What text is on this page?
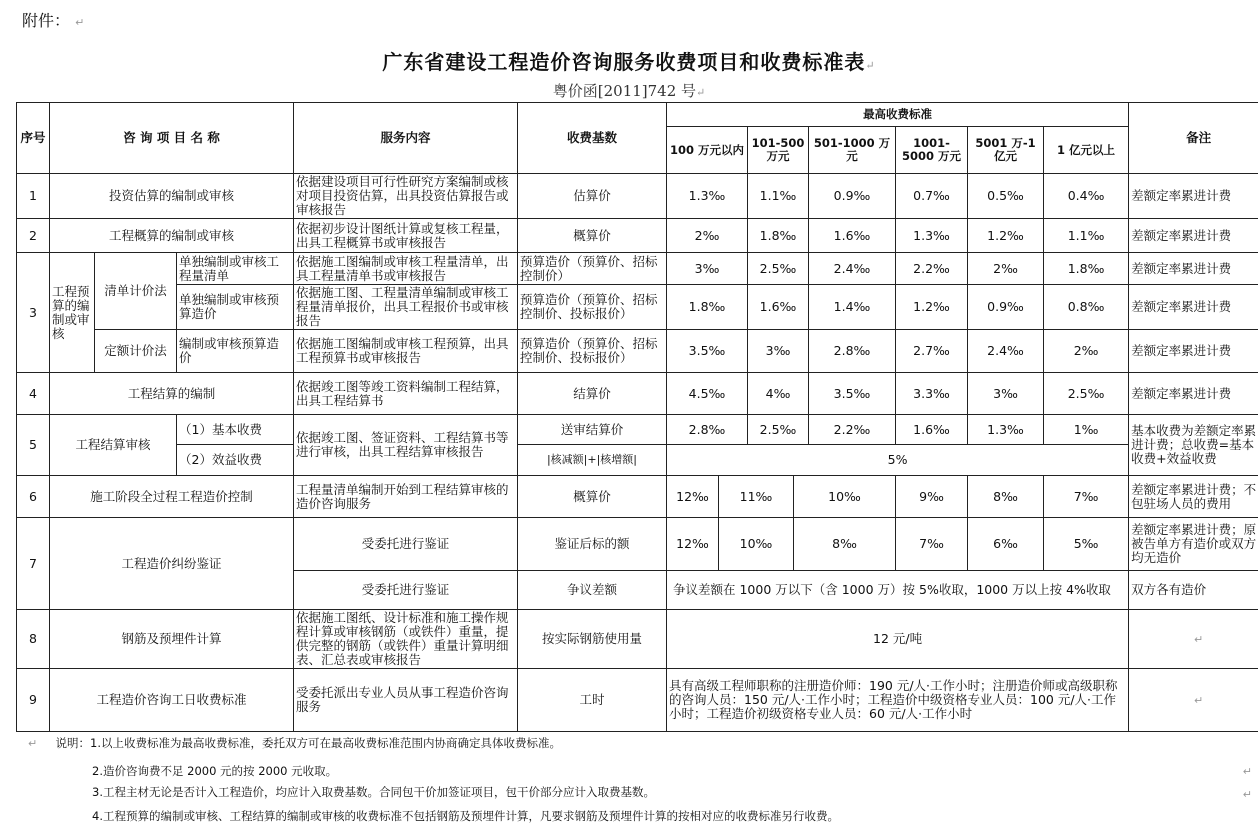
附件： ↵
广东省建设工程造价咨询服务收费项目和收费标准表↵
粤价函[2011]742 号↵
序号	咨 询 项 目 名 称			服务内容	收费基数	最高收费标准								备注
						100 万元以内		101-500 万元		501-1000 万元	1001-5000 万元	5001 万-1 亿元	1 亿元以上	
1	投资估算的编制或审核			依据建设项目可行性研究方案编制或核对项目投资估算，出具投资估算报告或审核报告	估算价	1.3‰		1.1‰		0.9‰	0.7‰	0.5‰	0.4‰	差额定率累进计费
2	工程概算的编制或审核			依据初步设计图纸计算或复核工程量，出具工程概算书或审核报告	概算价	2‰		1.8‰		1.6‰	1.3‰	1.2‰	1.1‰	差额定率累进计费
3	工程预算的编制或审核	清单计价法	单独编制或审核工程量清单	依据施工图编制或审核工程量清单，出具工程量清单书或审核报告	预算造价（预算价、招标控制价）	3‰		2.5‰		2.4‰	2.2‰	2‰	1.8‰	差额定率累进计费
			单独编制或审核预算造价	依据施工图、工程量清单编制或审核工程量清单报价，出具工程报价书或审核报告	预算造价（预算价、招标控制价、投标报价）	1.8‰		1.6‰		1.4‰	1.2‰	0.9‰	0.8‰	差额定率累进计费
		定额计价法	编制或审核预算造价	依据施工图编制或审核工程预算，出具工程预算书或审核报告	预算造价（预算价、招标控制价、投标报价）	3.5‰		3‰		2.8‰	2.7‰	2.4‰	2‰	差额定率累进计费
4	工程结算的编制			依据竣工图等竣工资料编制工程结算，出具工程结算书	结算价	4.5‰		4‰		3.5‰	3.3‰	3‰	2.5‰	差额定率累进计费
5	工程结算审核		（1）基本收费	依据竣工图、签证资料、工程结算书等进行审核，出具工程结算审核报告	送审结算价	2.8‰		2.5‰		2.2‰	1.6‰	1.3‰	1‰	基本收费为差额定率累进计费；总收费=基本收费+效益收费
			（2）效益收费		|核减额|+|核增额|	5%								
6	施工阶段全过程工程造价控制			工程量清单编制开始到工程结算审核的造价咨询服务	概算价	12‰	11‰		10‰		9‰	8‰	7‰	差额定率累进计费；不包驻场人员的费用
7	工程造价纠纷鉴证			受委托进行鉴证	鉴证后标的额	12‰	10‰		8‰		7‰	6‰	5‰	差额定率累进计费；原被告单方有造价或双方均无造价
				受委托进行鉴证	争议差额	争议差额在 1000 万以下（含 1000 万）按 5%收取，1000 万以上按 4%收取								双方各有造价
8	钢筋及预埋件计算			依据施工图纸、设计标准和施工操作规程计算或审核钢筋（或铁件）重量，提供完整的钢筋（或铁件）重量计算明细表、汇总表或审核报告	按实际钢筋使用量	12 元/吨								↵
9	工程造价咨询工日收费标准			受委托派出专业人员从事工程造价咨询服务	工时	具有高级工程师职称的注册造价师：190 元/人·工作小时；注册造价师或高级职称的咨询人员：150 元/人·工作小时；工程造价中级资格专业人员：100 元/人·工作小时；工程造价初级资格专业人员：60 元/人·工作小时								↵
↵ 说明：1.以上收费标准为最高收费标准，委托双方可在最高收费标准范围内协商确定具体收费标准。
2.造价咨询费不足 2000 元的按 2000 元收取。
3.工程主材无论是否计入工程造价，均应计入取费基数。合同包干价加签证项目，包干价部分应计入取费基数。
4.工程预算的编制或审核、工程结算的编制或审核的收费标准不包括钢筋及预埋件计算，凡要求钢筋及预埋件计算的按相对应的收费标准另行收费。
↵
↵
